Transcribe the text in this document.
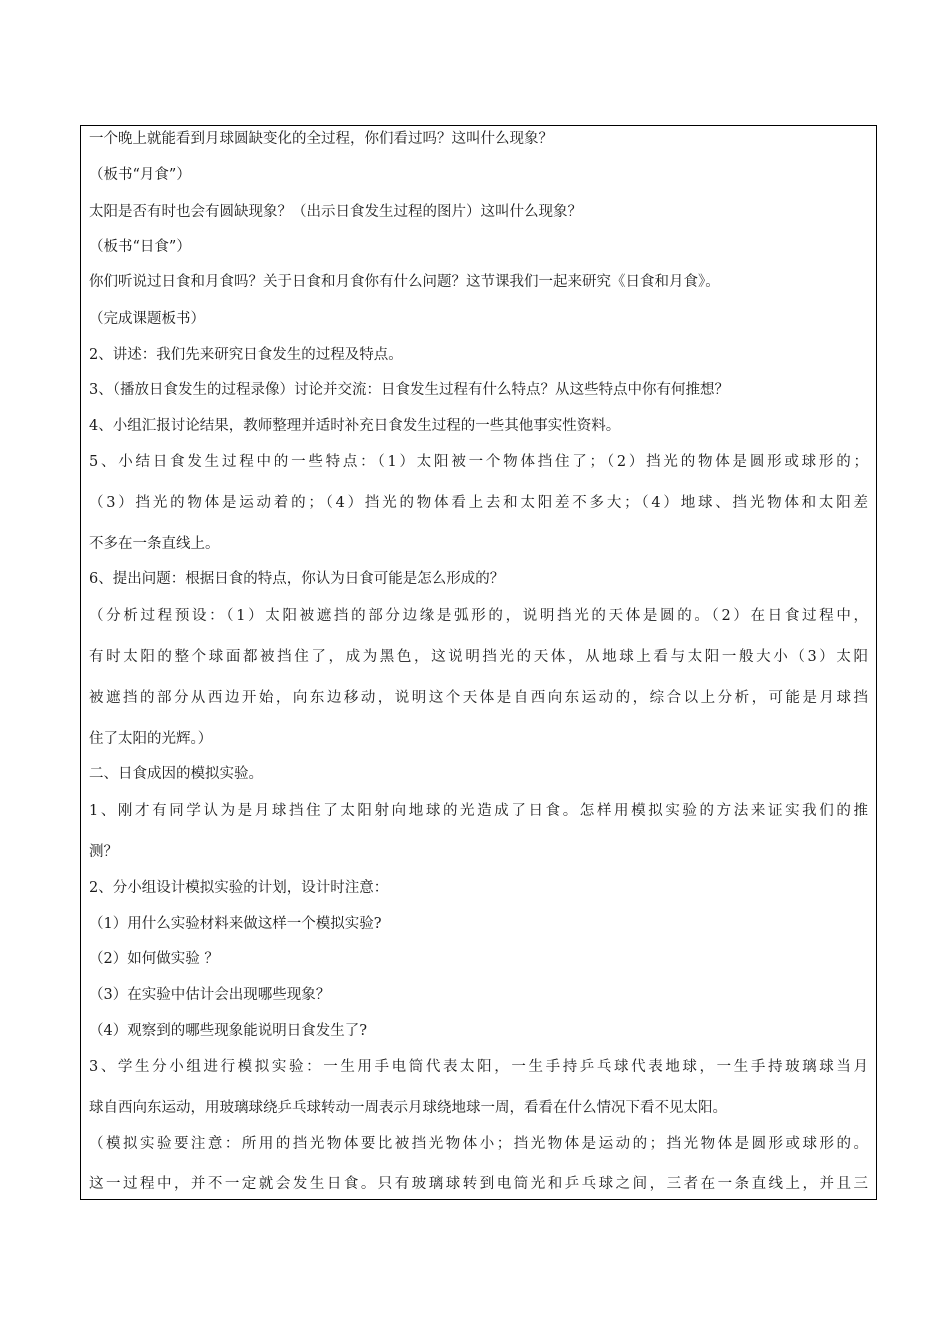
一个晚上就能看到月球圆缺变化的全过程，你们看过吗？这叫什么现象？
（板书“月食”）
太阳是否有时也会有圆缺现象？（出示日食发生过程的图片）这叫什么现象？
（板书“日食”）
你们听说过日食和月食吗？关于日食和月食你有什么问题？这节课我们一起来研究《日食和月食》。
（完成课题板书）
2、讲述：我们先来研究日食发生的过程及特点。
3、（播放日食发生的过程录像）讨论并交流：日食发生过程有什么特点？从这些特点中你有何推想？
4、小组汇报讨论结果，教师整理并适时补充日食发生过程的一些其他事实性资料。
5、小结日食发生过程中的一些特点：（1）太阳被一个物体挡住了；（2）挡光的物体是圆形或球形的；
（3）挡光的物体是运动着的；（4）挡光的物体看上去和太阳差不多大；（4）地球、挡光物体和太阳差
不多在一条直线上。
6、提出问题：根据日食的特点，你认为日食可能是怎么形成的？
（分析过程预设：（1）太阳被遮挡的部分边缘是弧形的，说明挡光的天体是圆的。（2）在日食过程中，
有时太阳的整个球面都被挡住了，成为黑色，这说明挡光的天体，从地球上看与太阳一般大小（3）太阳
被遮挡的部分从西边开始，向东边移动，说明这个天体是自西向东运动的，综合以上分析，可能是月球挡
住了太阳的光辉。）
二、日食成因的模拟实验。
1、刚才有同学认为是月球挡住了太阳射向地球的光造成了日食。怎样用模拟实验的方法来证实我们的推
测？
2、分小组设计模拟实验的计划，设计时注意：
（1）用什么实验材料来做这样一个模拟实验?
（2）如何做实验 ？
（3）在实验中估计会出现哪些现象？
（4）观察到的哪些现象能说明日食发生了?
3、学生分小组进行模拟实验：一生用手电筒代表太阳，一生手持乒乓球代表地球，一生手持玻璃球当月
球自西向东运动，用玻璃球绕乒乓球转动一周表示月球绕地球一周，看看在什么情况下看不见太阳。
（模拟实验要注意：所用的挡光物体要比被挡光物体小；挡光物体是运动的；挡光物体是圆形或球形的。
这一过程中，并不一定就会发生日食。只有玻璃球转到电筒光和乒乓球之间，三者在一条直线上，并且三
